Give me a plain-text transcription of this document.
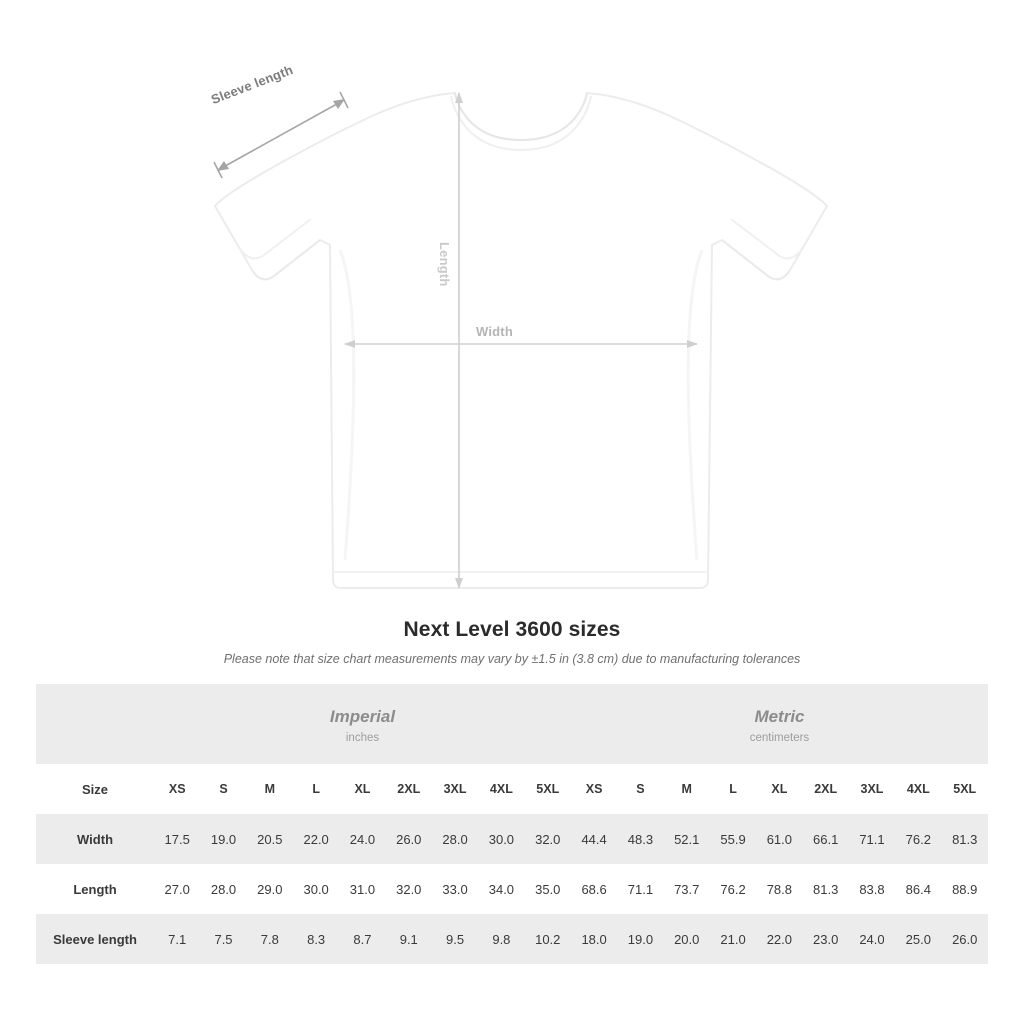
Width
Length
Sleeve length
Next Level 3600 sizes

Please note that size chart measurements may vary by ±1.5 in (3.8 cm) due to manufacturing tolerances

	Imperial
inches									Metric
centimeters								

Size	XS	S	M	L	XL	2XL	3XL	4XL	5XL	XS	S	M	L	XL	2XL	3XL	4XL	5XL
Width	17.5	19.0	20.5	22.0	24.0	26.0	28.0	30.0	32.0	44.4	48.3	52.1	55.9	61.0	66.1	71.1	76.2	81.3
Length	27.0	28.0	29.0	30.0	31.0	32.0	33.0	34.0	35.0	68.6	71.1	73.7	76.2	78.8	81.3	83.8	86.4	88.9
Sleeve length	7.1	7.5	7.8	8.3	8.7	9.1	9.5	9.8	10.2	18.0	19.0	20.0	21.0	22.0	23.0	24.0	25.0	26.0
